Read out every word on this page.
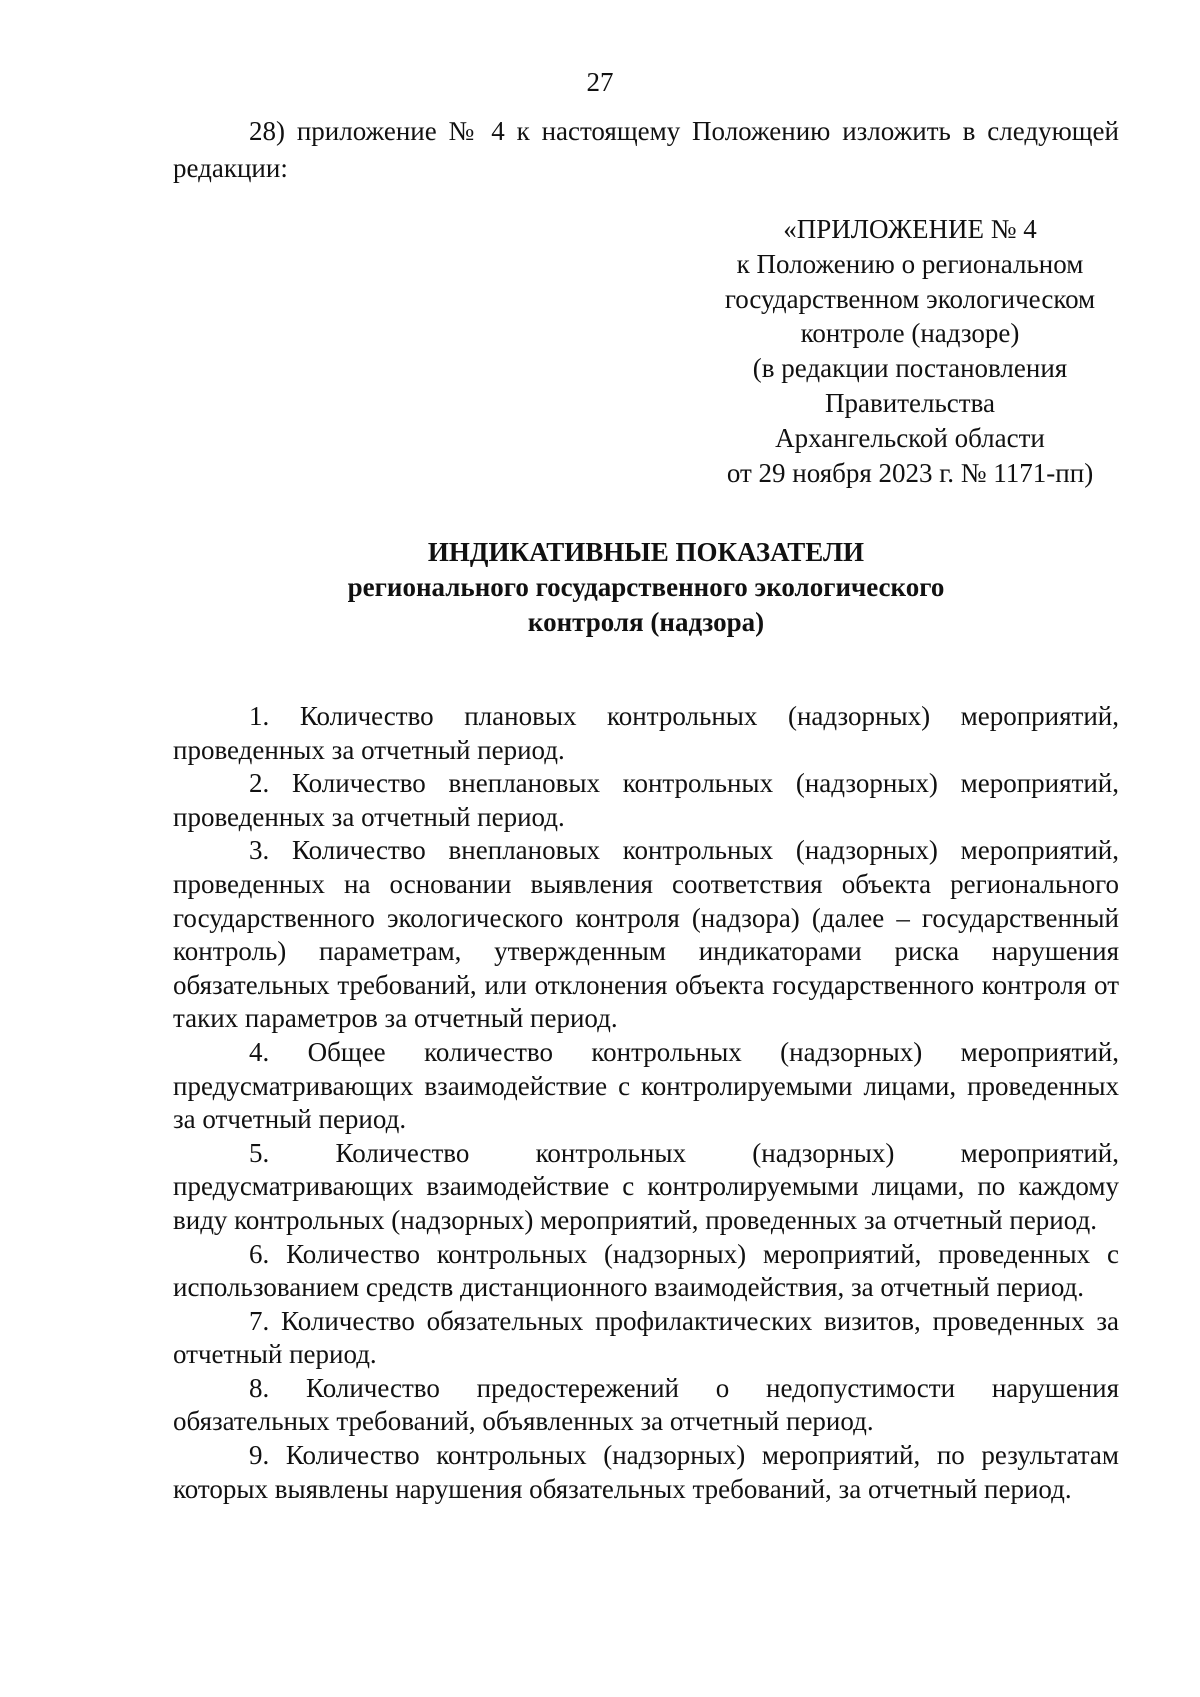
27

28) приложение № 4 к настоящему Положению изложить в следующей редакции:

«ПРИЛОЖЕНИЕ № 4
к Положению о региональном
государственном экологическом
контроле (надзоре)
(в редакции постановления
Правительства
Архангельской области
от 29 ноября 2023 г. № 1171-пп)
ИНДИКАТИВНЫЕ ПОКАЗАТЕЛИ
регионального государственного экологического
контроля (надзора)
1. Количество плановых контрольных (надзорных) мероприятий, проведенных за отчетный период.
2. Количество внеплановых контрольных (надзорных) мероприятий, проведенных за отчетный период.
3. Количество внеплановых контрольных (надзорных) мероприятий, проведенных на основании выявления соответствия объекта регионального государственного экологического контроля (надзора) (далее – государственный контроль) параметрам, утвержденным индикаторами риска нарушения обязательных требований, или отклонения объекта государственного контроля от таких параметров за отчетный период.
4. Общее количество контрольных (надзорных) мероприятий, предусматривающих взаимодействие с контролируемыми лицами, проведенных за отчетный период.
5. Количество контрольных (надзорных) мероприятий, предусматривающих взаимодействие с контролируемыми лицами, по каждому виду контрольных (надзорных) мероприятий, проведенных за отчетный период.
6. Количество контрольных (надзорных) мероприятий, проведенных с использованием средств дистанционного взаимодействия, за отчетный период.
7. Количество обязательных профилактических визитов, проведенных за отчетный период.
8. Количество предостережений о недопустимости нарушения обязательных требований, объявленных за отчетный период.
9. Количество контрольных (надзорных) мероприятий, по результатам которых выявлены нарушения обязательных требований, за отчетный период.
